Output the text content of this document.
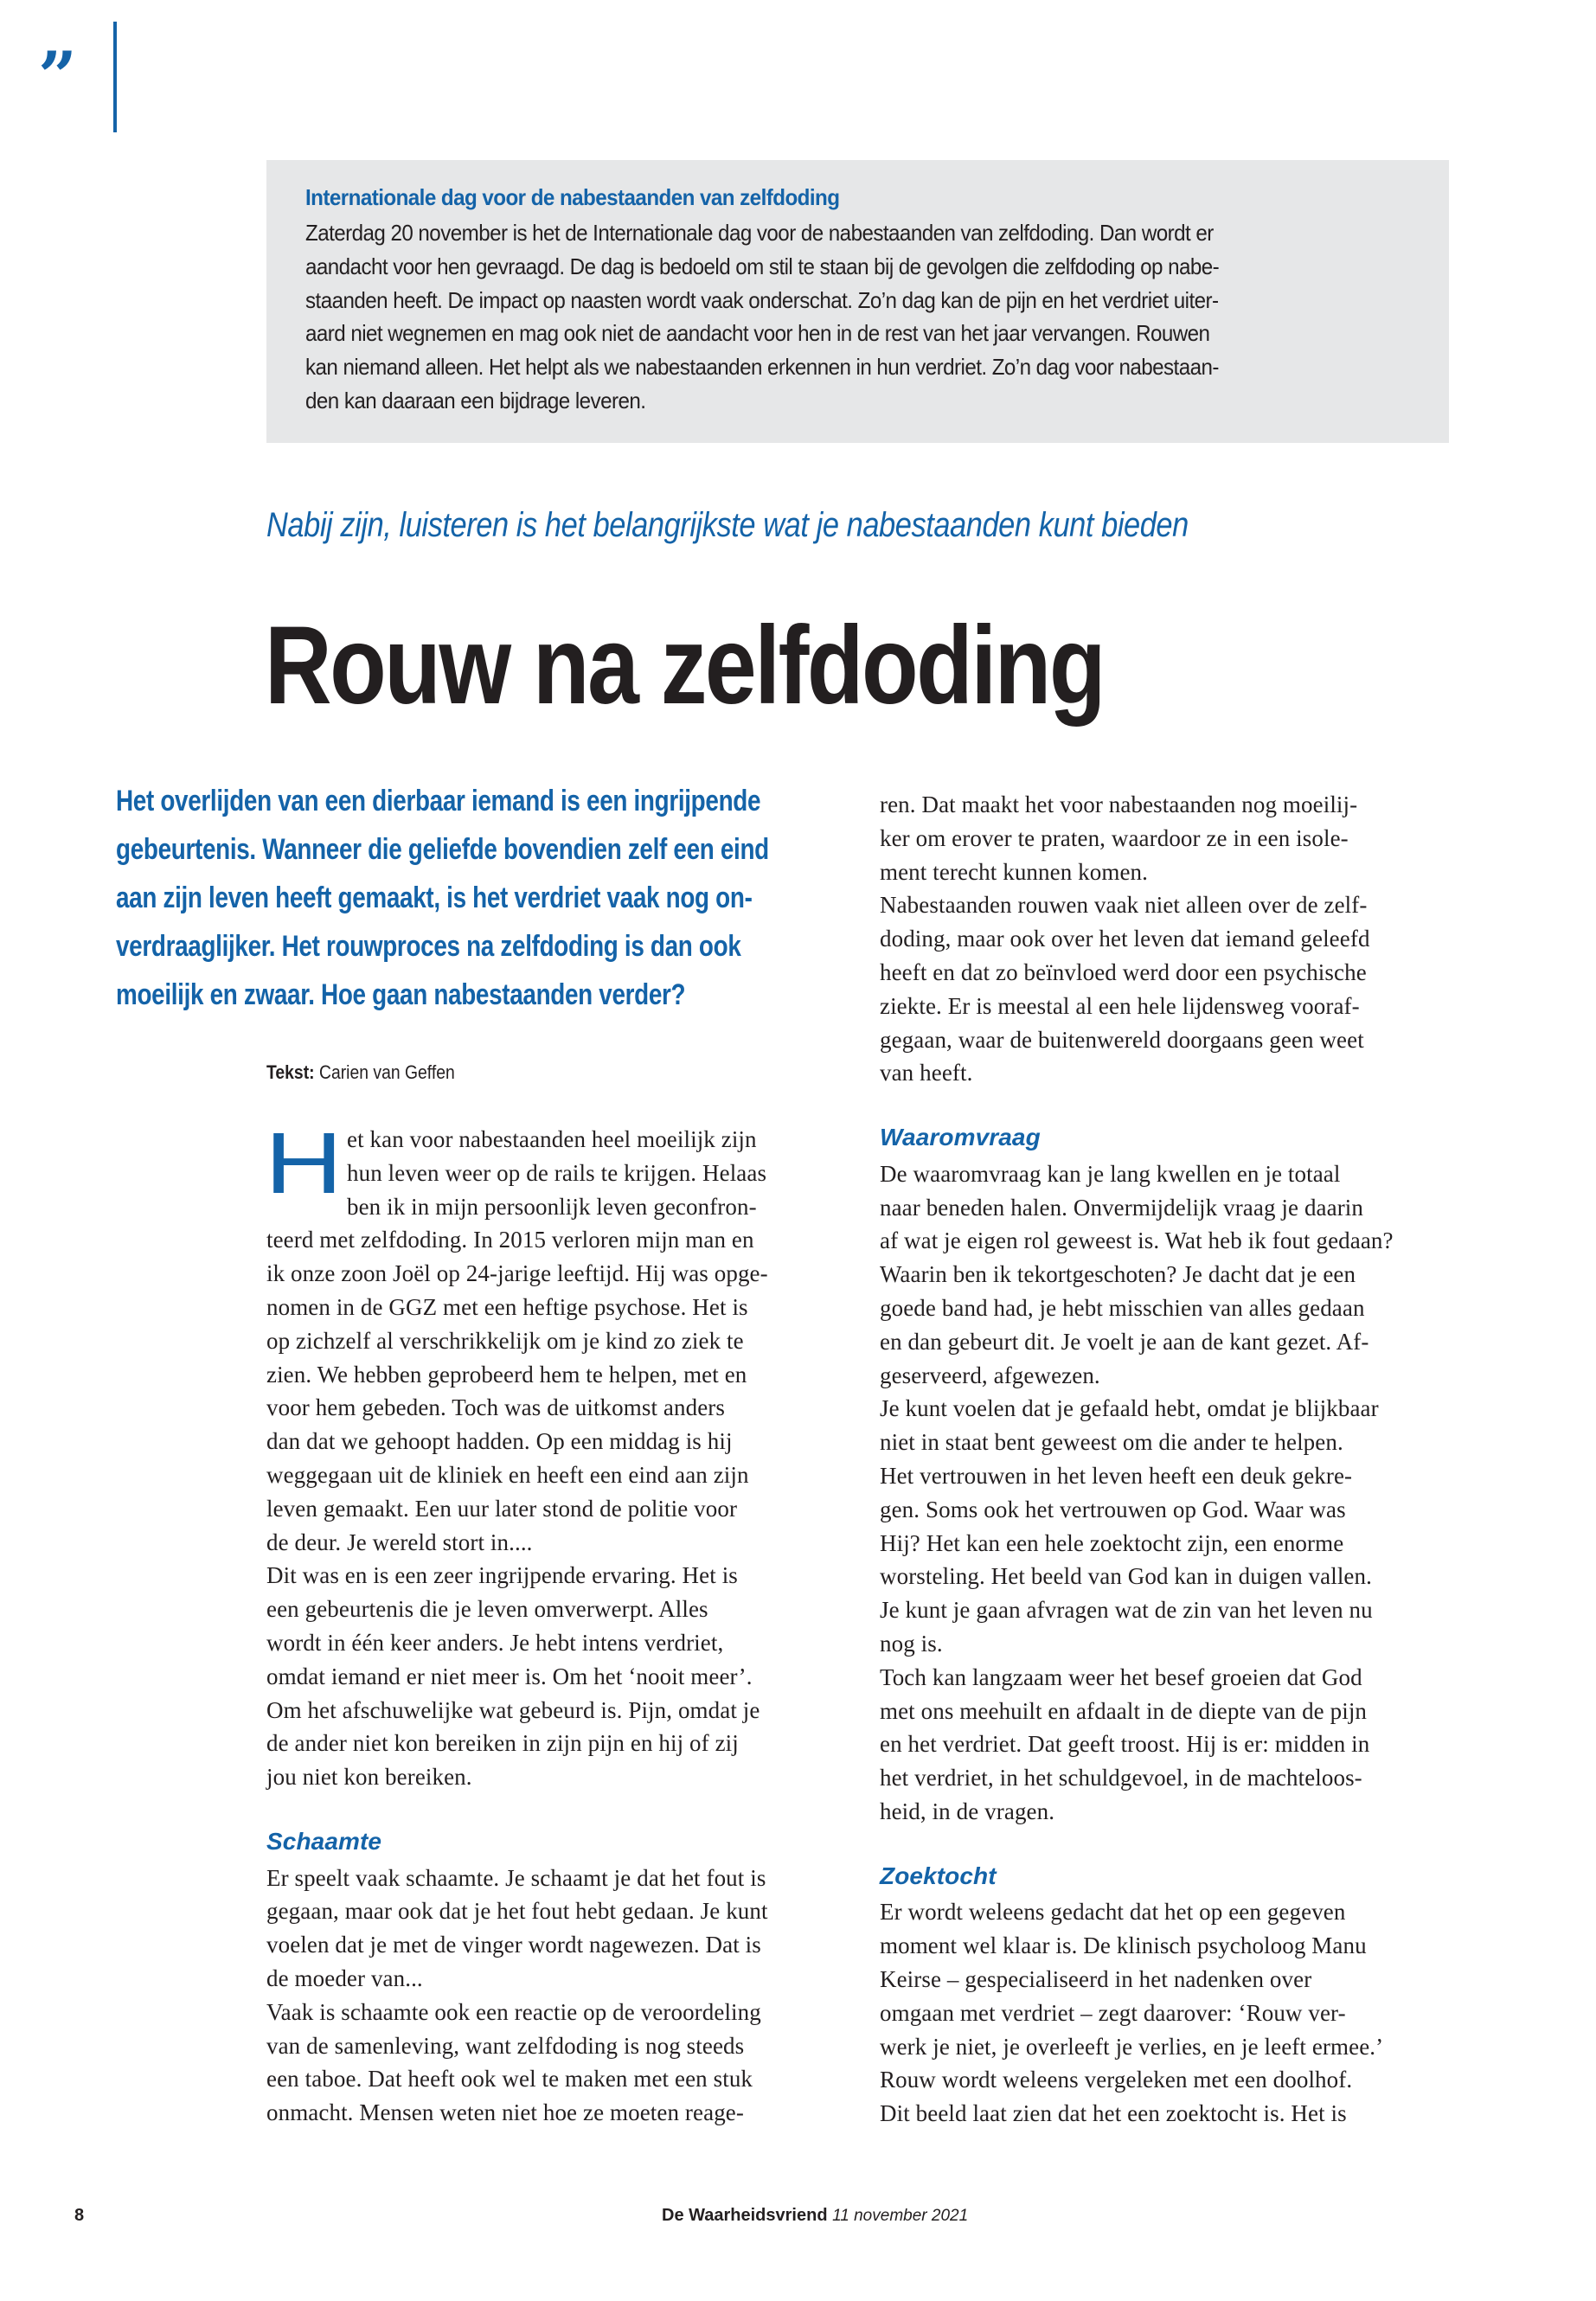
”
Internationale dag voor de nabestaanden van zelfdoding
Zaterdag 20 november is het de Internationale dag voor de nabestaanden van zelfdoding. Dan wordt er
aandacht voor hen gevraagd. De dag is bedoeld om stil te staan bij de gevolgen die zelfdoding op nabe-
staanden heeft. De impact op naasten wordt vaak onderschat. Zo’n dag kan de pijn en het verdriet uiter-
aard niet wegnemen en mag ook niet de aandacht voor hen in de rest van het jaar vervangen. Rouwen
kan niemand alleen. Het helpt als we nabestaanden erkennen in hun verdriet. Zo’n dag voor nabestaan-
den kan daaraan een bijdrage leveren.
Nabij zijn, luisteren is het belangrijkste wat je nabestaanden kunt bieden
Rouw na zelfdoding
Het overlijden van een dierbaar iemand is een ingrijpende
gebeurtenis. Wanneer die geliefde bovendien zelf een eind
aan zijn leven heeft gemaakt, is het verdriet vaak nog on-
verdraaglijker. Het rouwproces na zelfdoding is dan ook
moeilijk en zwaar. Hoe gaan nabestaanden verder?
Tekst: Carien van Geffen
H et kan voor nabestaanden heel moeilijk zijn
hun leven weer op de rails te krijgen. Helaas
ben ik in mijn persoonlijk leven geconfron-
teerd met zelfdoding. In 2015 verloren mijn man en
ik onze zoon Joël op 24-jarige leeftijd. Hij was opge-
nomen in de GGZ met een heftige psychose. Het is
op zichzelf al verschrikkelijk om je kind zo ziek te
zien. We hebben geprobeerd hem te helpen, met en
voor hem gebeden. Toch was de uitkomst anders
dan dat we gehoopt hadden. Op een middag is hij
weggegaan uit de kliniek en heeft een eind aan zijn
leven gemaakt. Een uur later stond de politie voor
de deur. Je wereld stort in....
Dit was en is een zeer ingrijpende ervaring. Het is
een gebeurtenis die je leven omverwerpt. Alles
wordt in één keer anders. Je hebt intens verdriet,
omdat iemand er niet meer is. Om het ‘nooit meer’.
Om het afschuwelijke wat gebeurd is. Pijn, omdat je
de ander niet kon bereiken in zijn pijn en hij of zij
jou niet kon bereiken.
Schaamte
Er speelt vaak schaamte. Je schaamt je dat het fout is
gegaan, maar ook dat je het fout hebt gedaan. Je kunt
voelen dat je met de vinger wordt nagewezen. Dat is
de moeder van...
Vaak is schaamte ook een reactie op de veroordeling
van de samenleving, want zelfdoding is nog steeds
een taboe. Dat heeft ook wel te maken met een stuk
onmacht. Mensen weten niet hoe ze moeten reage-
ren. Dat maakt het voor nabestaanden nog moeilij-
ker om erover te praten, waardoor ze in een isole-
ment terecht kunnen komen.
Nabestaanden rouwen vaak niet alleen over de zelf-
doding, maar ook over het leven dat iemand geleefd
heeft en dat zo beïnvloed werd door een psychische
ziekte. Er is meestal al een hele lijdensweg vooraf-
gegaan, waar de buitenwereld doorgaans geen weet
van heeft.
Waaromvraag
De waaromvraag kan je lang kwellen en je totaal
naar beneden halen. Onvermijdelijk vraag je daarin
af wat je eigen rol geweest is. Wat heb ik fout gedaan?
Waarin ben ik tekortgeschoten? Je dacht dat je een
goede band had, je hebt misschien van alles gedaan
en dan gebeurt dit. Je voelt je aan de kant gezet. Af-
geserveerd, afgewezen.
Je kunt voelen dat je gefaald hebt, omdat je blijkbaar
niet in staat bent geweest om die ander te helpen.
Het vertrouwen in het leven heeft een deuk gekre-
gen. Soms ook het vertrouwen op God. Waar was
Hij? Het kan een hele zoektocht zijn, een enorme
worsteling. Het beeld van God kan in duigen vallen.
Je kunt je gaan afvragen wat de zin van het leven nu
nog is.
Toch kan langzaam weer het besef groeien dat God
met ons meehuilt en afdaalt in de diepte van de pijn
en het verdriet. Dat geeft troost. Hij is er: midden in
het verdriet, in het schuldgevoel, in de machteloos-
heid, in de vragen.
Zoektocht
Er wordt weleens gedacht dat het op een gegeven
moment wel klaar is. De klinisch psycholoog Manu
Keirse – gespecialiseerd in het nadenken over
omgaan met verdriet – zegt daarover: ‘Rouw ver-
werk je niet, je overleeft je verlies, en je leeft ermee.’
Rouw wordt weleens vergeleken met een doolhof.
Dit beeld laat zien dat het een zoektocht is. Het is
8	De Waarheidsvriend 11 november 2021
